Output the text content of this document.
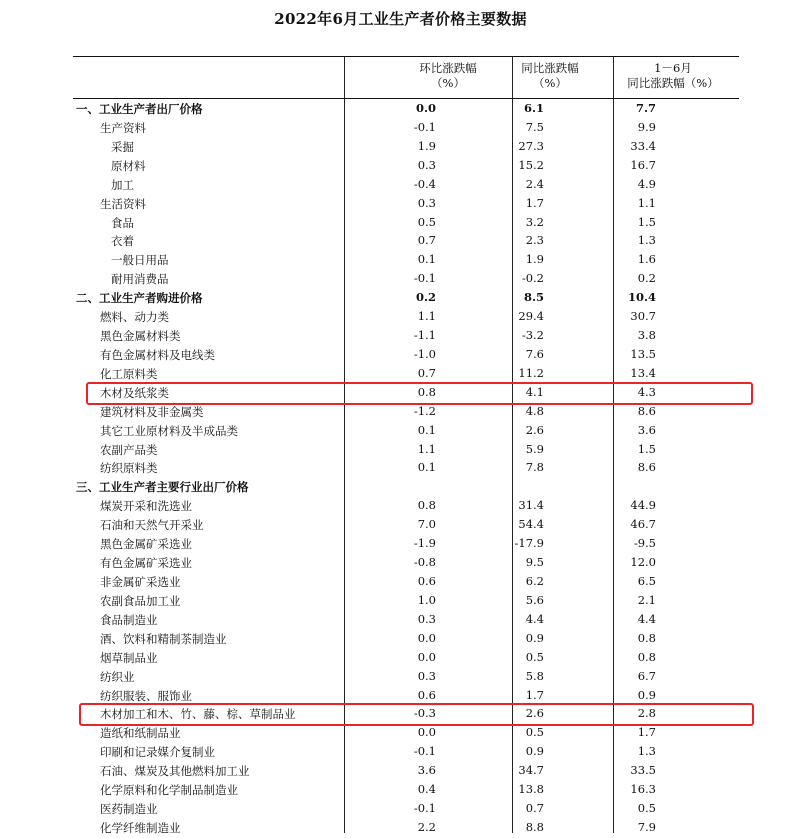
2022年6月工业生产者价格主要数据
环比涨跌幅
（%）
同比涨跌幅
（%）
1－6月
同比涨跌幅（%）
一、工业生产者出厂价格	0.0	6.1	7.7
生产资料	-0.1	7.5	9.9
采掘	1.9	27.3	33.4
原材料	0.3	15.2	16.7
加工	-0.4	2.4	4.9
生活资料	0.3	1.7	1.1
食品	0.5	3.2	1.5
衣着	0.7	2.3	1.3
一般日用品	0.1	1.9	1.6
耐用消费品	-0.1	-0.2	0.2
二、工业生产者购进价格	0.2	8.5	10.4
燃料、动力类	1.1	29.4	30.7
黑色金属材料类	-1.1	-3.2	3.8
有色金属材料及电线类	-1.0	7.6	13.5
化工原料类	0.7	11.2	13.4
木材及纸浆类	0.8	4.1	4.3
建筑材料及非金属类	-1.2	4.8	8.6
其它工业原材料及半成品类	0.1	2.6	3.6
农副产品类	1.1	5.9	1.5
纺织原料类	0.1	7.8	8.6
三、工业生产者主要行业出厂价格
煤炭开采和洗选业	0.8	31.4	44.9
石油和天然气开采业	7.0	54.4	46.7
黑色金属矿采选业	-1.9	-17.9	-9.5
有色金属矿采选业	-0.8	9.5	12.0
非金属矿采选业	0.6	6.2	6.5
农副食品加工业	1.0	5.6	2.1
食品制造业	0.3	4.4	4.4
酒、饮料和精制茶制造业	0.0	0.9	0.8
烟草制品业	0.0	0.5	0.8
纺织业	0.3	5.8	6.7
纺织服装、服饰业	0.6	1.7	0.9
木材加工和木、竹、藤、棕、草制品业	-0.3	2.6	2.8
造纸和纸制品业	0.0	0.5	1.7
印刷和记录媒介复制业	-0.1	0.9	1.3
石油、煤炭及其他燃料加工业	3.6	34.7	33.5
化学原料和化学制品制造业	0.4	13.8	16.3
医药制造业	-0.1	0.7	0.5
化学纤维制造业	2.2	8.8	7.9
